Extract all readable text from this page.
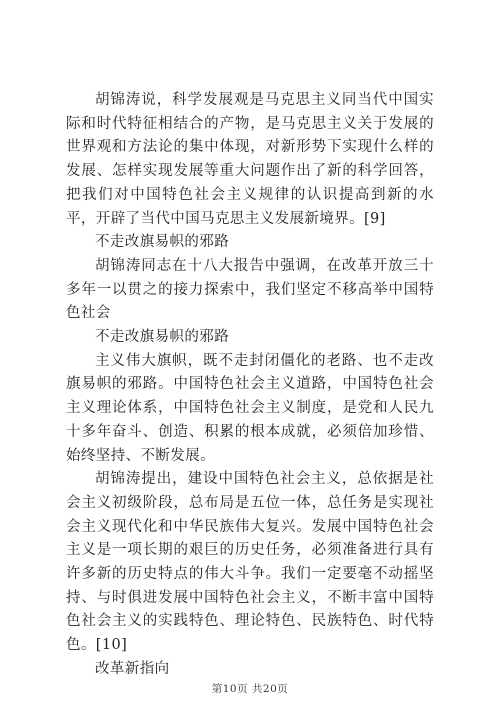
胡锦涛说，科学发展观是马克思主义同当代中国实际和时代特征相结合的产物，是马克思主义关于发展的世界观和方法论的集中体现，对新形势下实现什么样的发展、怎样实现发展等重大问题作出了新的科学回答，把我们对中国特色社会主义规律的认识提高到新的水平，开辟了当代中国马克思主义发展新境界。[9]

不走改旗易帜的邪路

胡锦涛同志在十八大报告中强调，在改革开放三十多年一以贯之的接力探索中，我们坚定不移高举中国特色社会

不走改旗易帜的邪路

主义伟大旗帜，既不走封闭僵化的老路、也不走改旗易帜的邪路。中国特色社会主义道路，中国特色社会主义理论体系，中国特色社会主义制度，是党和人民九十多年奋斗、创造、积累的根本成就，必须倍加珍惜、始终坚持、不断发展。

胡锦涛提出，建设中国特色社会主义，总依据是社会主义初级阶段，总布局是五位一体，总任务是实现社会主义现代化和中华民族伟大复兴。发展中国特色社会主义是一项长期的艰巨的历史任务，必须准备进行具有许多新的历史特点的伟大斗争。我们一定要毫不动摇坚持、与时俱进发展中国特色社会主义，不断丰富中国特色社会主义的实践特色、理论特色、民族特色、时代特色。[10]

改革新指向

第10页 共20页
